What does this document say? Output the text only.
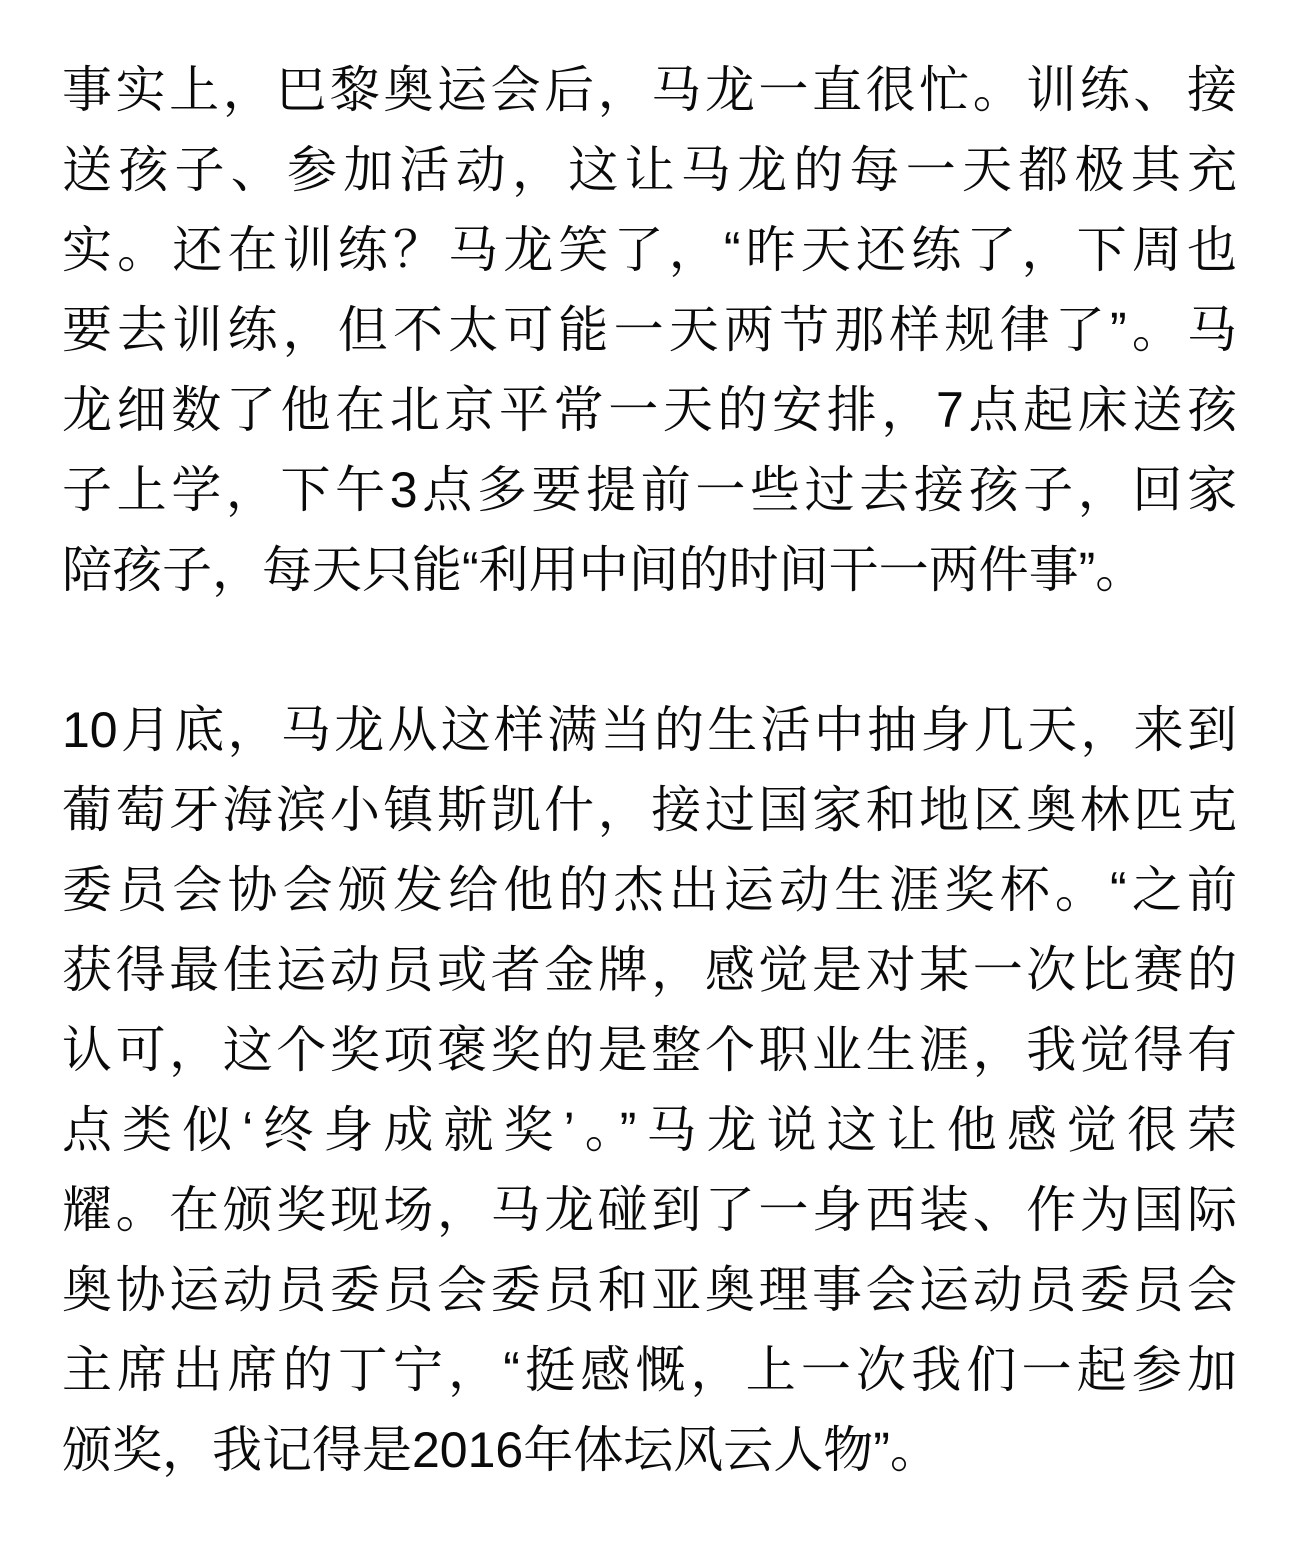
事实上，巴黎奥运会后，马龙一直很忙。训练、接
送孩子、参加活动，这让马龙的每一天都极其充
实。还在训练？马龙笑了，“昨天还练了，下周也
要去训练，但不太可能一天两节那样规律了”。马
龙细数了他在北京平常一天的安排，7点起床送孩
子上学，下午3点多要提前一些过去接孩子，回家
陪孩子，每天只能“利用中间的时间干一两件事”。

10月底，马龙从这样满当的生活中抽身几天，来到
葡萄牙海滨小镇斯凯什，接过国家和地区奥林匹克
委员会协会颁发给他的杰出运动生涯奖杯。“之前
获得最佳运动员或者金牌，感觉是对某一次比赛的
认可，这个奖项褒奖的是整个职业生涯，我觉得有
点类似‘终身成就奖’。”马龙说这让他感觉很荣
耀。在颁奖现场，马龙碰到了一身西装、作为国际
奥协运动员委员会委员和亚奥理事会运动员委员会
主席出席的丁宁，“挺感慨，上一次我们一起参加
颁奖，我记得是2016年体坛风云人物”。
